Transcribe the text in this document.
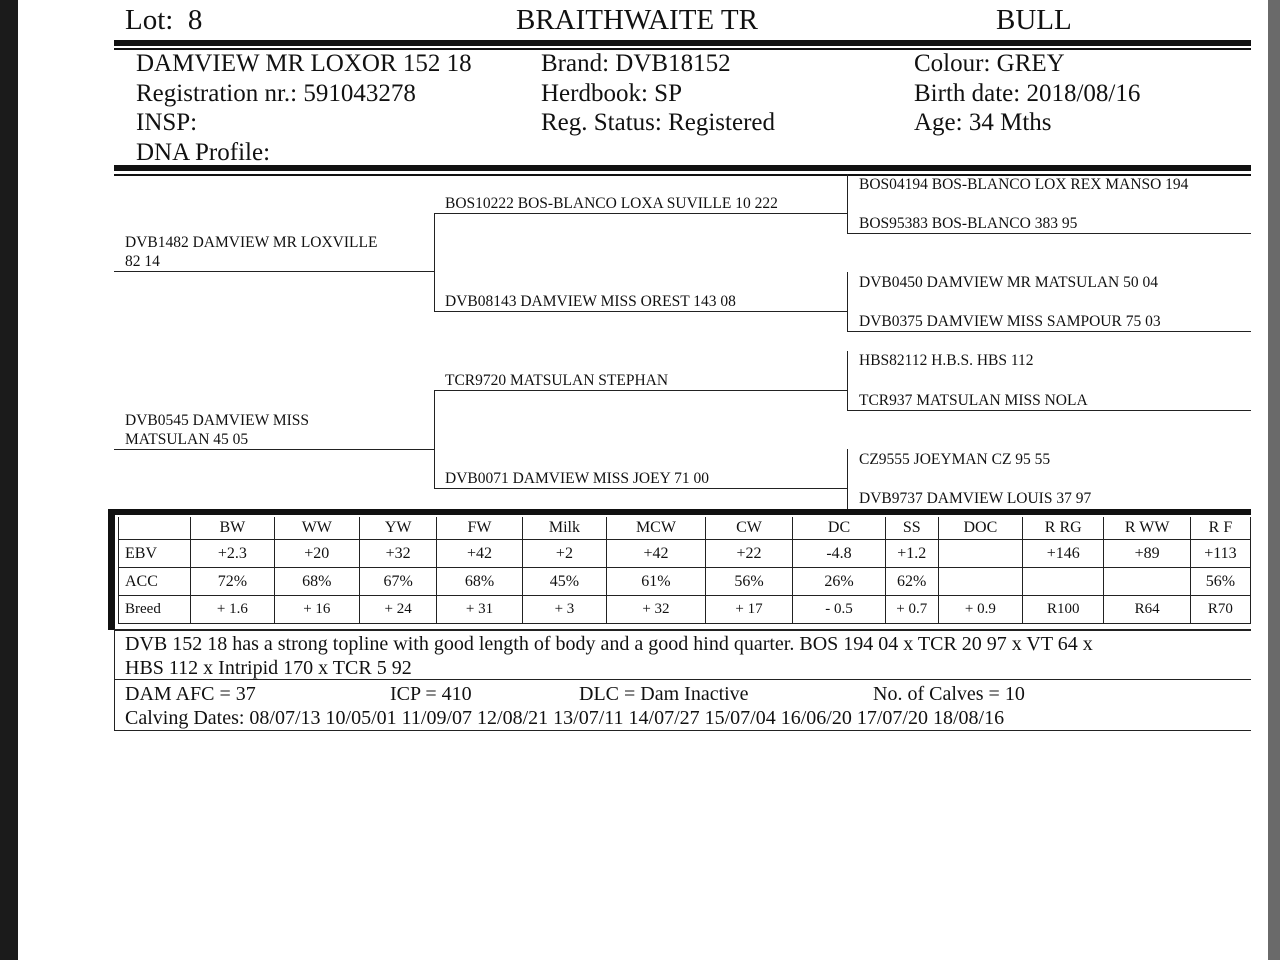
Lot: 8	BRAITHWAITE TR	BULL
DAMVIEW MR LOXOR 152 18
Registration nr.: 591043278
INSP:
DNA Profile:
Brand: DVB18152
Herdbook: SP
Reg. Status: Registered
Colour: GREY
Birth date: 2018/08/16
Age: 34 Mths
DVB1482 DAMVIEW MR LOXVILLE
82 14
DVB0545 DAMVIEW MISS
MATSULAN 45 05
BOS10222 BOS-BLANCO LOXA SUVILLE 10 222
DVB08143 DAMVIEW MISS OREST 143 08
TCR9720 MATSULAN STEPHAN
DVB0071 DAMVIEW MISS JOEY 71 00
BOS04194 BOS-BLANCO LOX REX MANSO 194
BOS95383 BOS-BLANCO 383 95
DVB0450 DAMVIEW MR MATSULAN 50 04
DVB0375 DAMVIEW MISS SAMPOUR 75 03
HBS82112 H.B.S. HBS 112
TCR937 MATSULAN MISS NOLA
CZ9555 JOEYMAN CZ 95 55
DVB9737 DAMVIEW LOUIS 37 97
	BW	WW	YW	FW	Milk	MCW	CW	DC	SS	DOC	R RG	R WW	R F
EBV	+2.3	+20	+32	+42	+2	+42	+22	-4.8	+1.2		+146	+89	+113
ACC	72%	68%	67%	68%	45%	61%	56%	26%	62%				56%
Breed	+ 1.6	+ 16	+ 24	+ 31	+ 3	+ 32	+ 17	- 0.5	+ 0.7	+ 0.9	R100	R64	R70
DVB 152 18 has a strong topline with good length of body and a good hind quarter. BOS 194 04 x TCR 20 97 x VT 64 x
HBS 112 x Intripid 170 x TCR 5 92
DAM AFC = 37	ICP = 410	DLC = Dam Inactive	No. of Calves = 10
Calving Dates: 08/07/13 10/05/01 11/09/07 12/08/21 13/07/11 14/07/27 15/07/04 16/06/20 17/07/20 18/08/16
